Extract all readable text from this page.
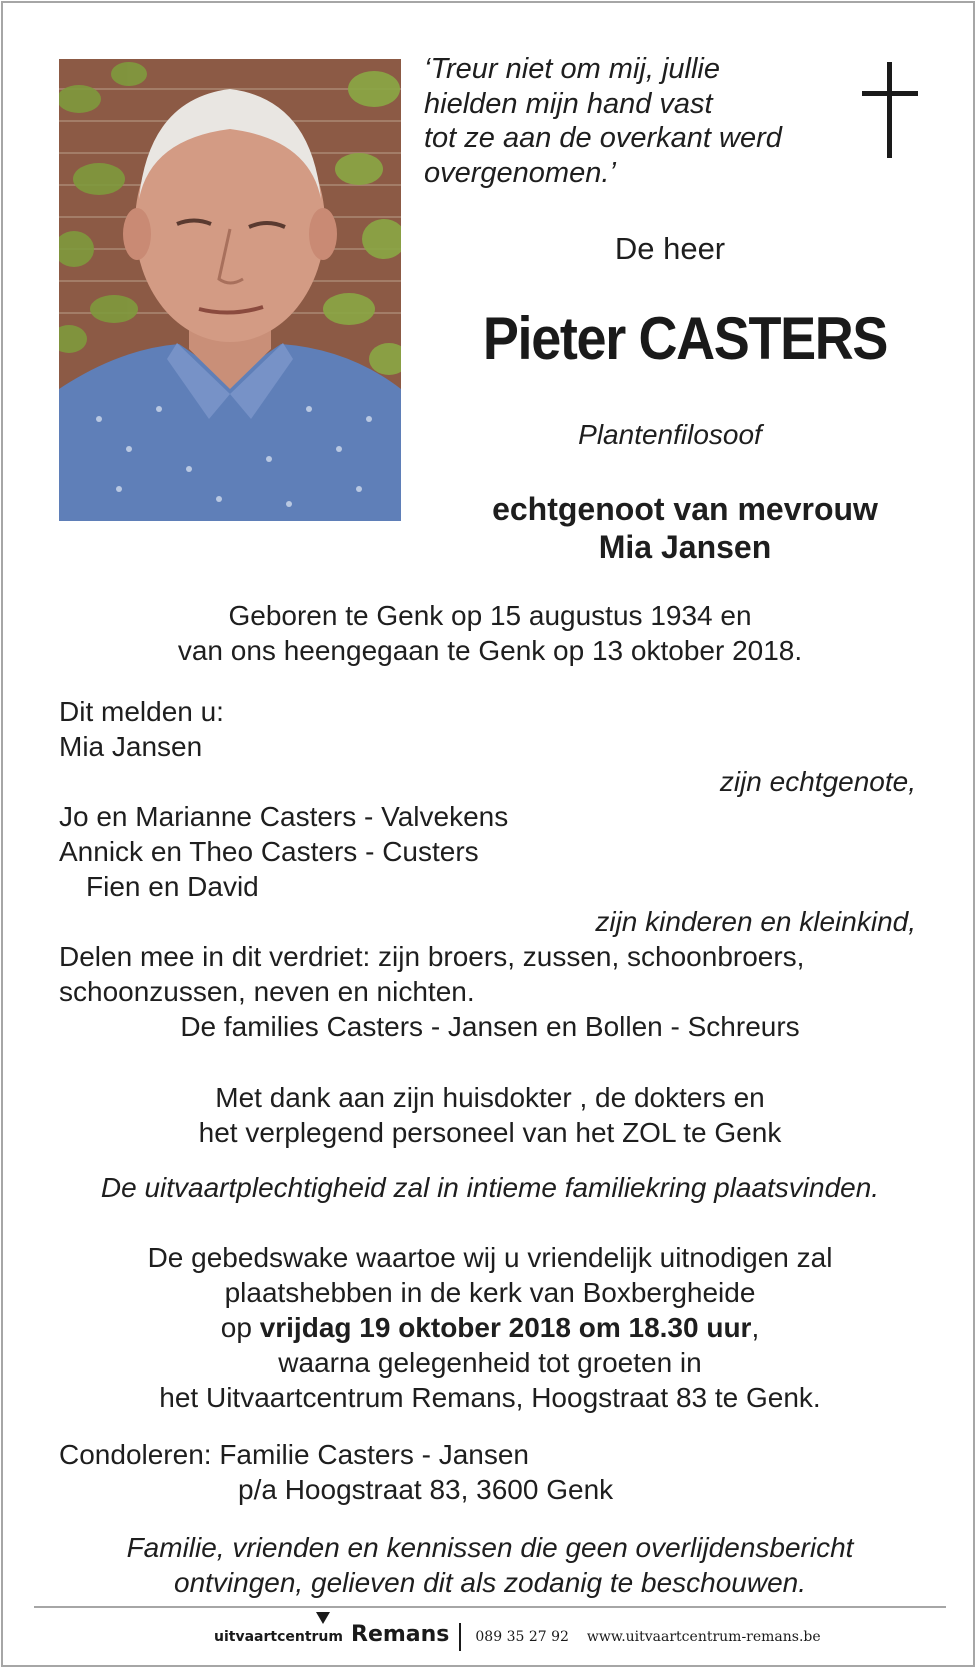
‘Treur niet om mij, jullie
hielden mijn hand vast
tot ze aan de overkant werd
overgenomen.’
De heer
Pieter CASTERS
Plantenfilosoof
echtgenoot van mevrouw
Mia Jansen
Geboren te Genk op 15 augustus 1934 en
van ons heengegaan te Genk op 13 oktober 2018.
Dit melden u:
Mia Jansen
zijn echtgenote,
Jo en Marianne Casters - Valvekens
Annick en Theo Casters - Custers
Fien en David
zijn kinderen en kleinkind,
Delen mee in dit verdriet: zijn broers, zussen, schoonbroers,
schoonzussen, neven en nichten.
De families Casters - Jansen en Bollen - Schreurs
Met dank aan zijn huisdokter , de dokters en
het verplegend personeel van het ZOL te Genk
De uitvaartplechtigheid zal in intieme familiekring plaatsvinden.
De gebedswake waartoe wij u vriendelijk uitnodigen zal
plaatshebben in de kerk van Boxbergheide
op vrijdag 19 oktober 2018 om 18.30 uur,
waarna gelegenheid tot groeten in
het Uitvaartcentrum Remans, Hoogstraat 83 te Genk.
Condoleren: Familie Casters - Jansen
p/a Hoogstraat 83, 3600 Genk
Familie, vrienden en kennissen die geen overlijdensbericht
ontvingen, gelieven dit als zodanig te beschouwen.
uitvaartcentrum Remans 089 35 27 92 www.uitvaartcentrum-remans.be
